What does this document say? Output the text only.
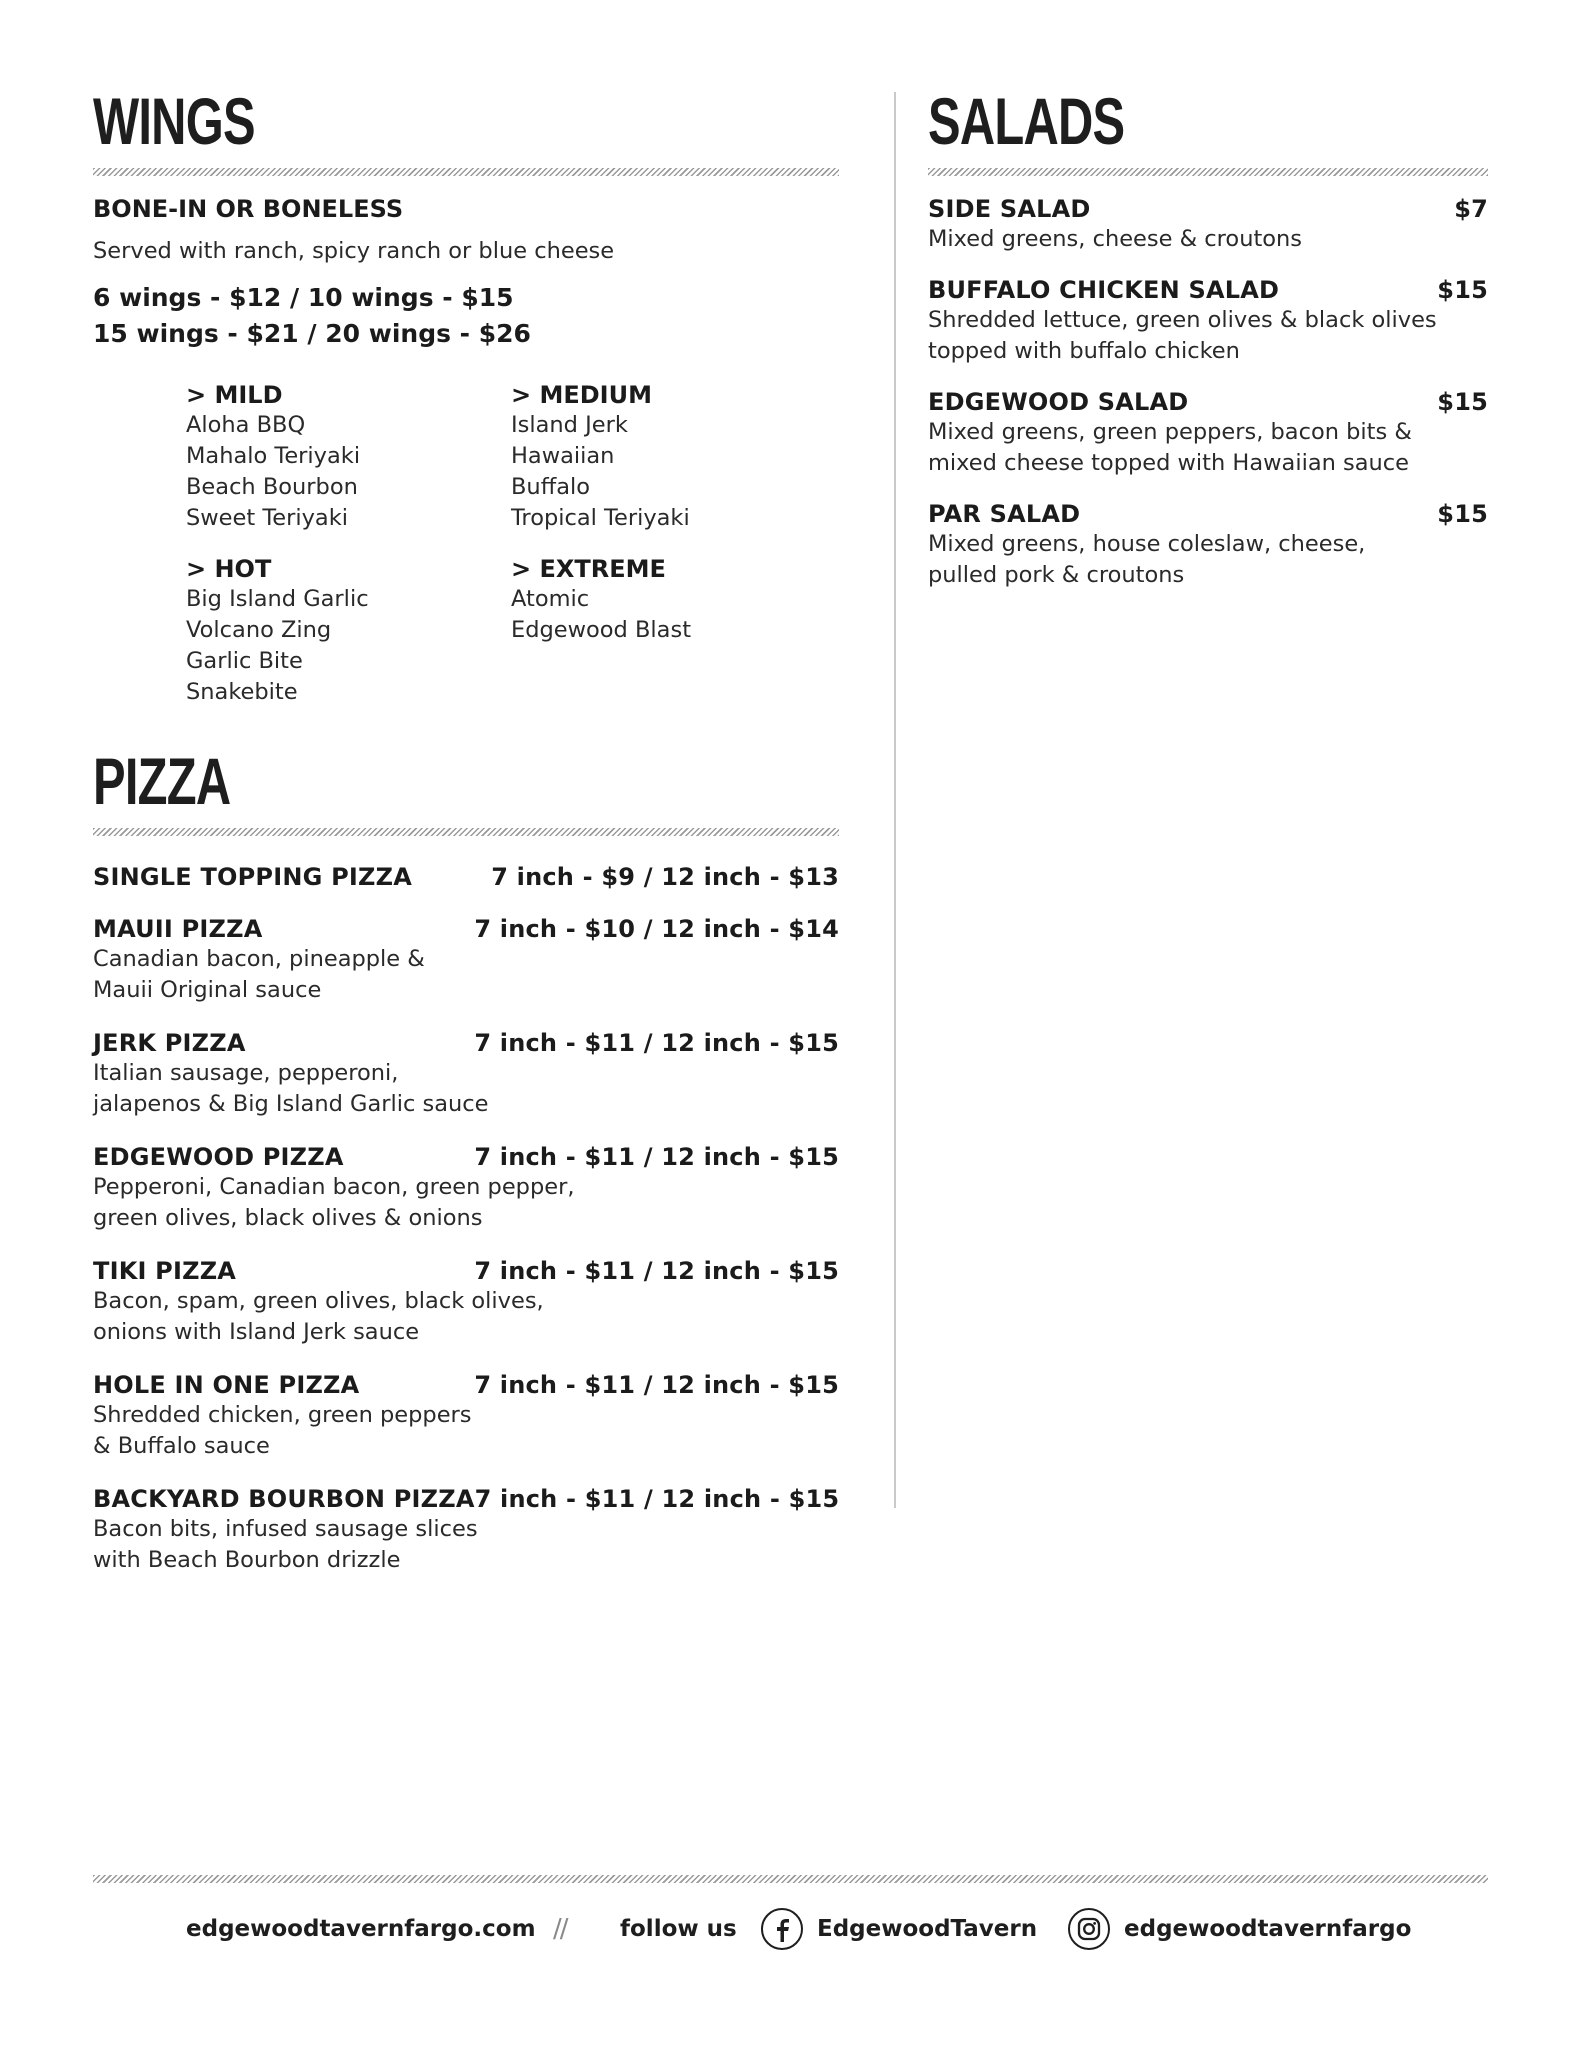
WINGS
BONE-IN OR BONELESS
Served with ranch, spicy ranch or blue cheese
6 wings - $12 / 10 wings - $15
15 wings - $21 / 20 wings - $26
> MILD
Aloha BBQ
Mahalo Teriyaki
Beach Bourbon
Sweet Teriyaki
> MEDIUM
Island Jerk
Hawaiian
Buffalo
Tropical Teriyaki
> HOT
Big Island Garlic
Volcano Zing
Garlic Bite
Snakebite
> EXTREME
Atomic
Edgewood Blast
PIZZA
SINGLE TOPPING PIZZA	7 inch - $9 / 12 inch - $13
MAUII PIZZA	7 inch - $10 / 12 inch - $14
Canadian bacon, pineapple &
Mauii Original sauce
JERK PIZZA	7 inch - $11 / 12 inch - $15
Italian sausage, pepperoni,
jalapenos & Big Island Garlic sauce
EDGEWOOD PIZZA	7 inch - $11 / 12 inch - $15
Pepperoni, Canadian bacon, green pepper,
green olives, black olives & onions
TIKI PIZZA	7 inch - $11 / 12 inch - $15
Bacon, spam, green olives, black olives,
onions with Island Jerk sauce
HOLE IN ONE PIZZA	7 inch - $11 / 12 inch - $15
Shredded chicken, green peppers
& Buffalo sauce
BACKYARD BOURBON PIZZA 7 inch - $11 / 12 inch - $15
Bacon bits, infused sausage slices
with Beach Bourbon drizzle
SALADS
SIDE SALAD	$7
Mixed greens, cheese & croutons
BUFFALO CHICKEN SALAD	$15
Shredded lettuce, green olives & black olives
topped with buffalo chicken
EDGEWOOD SALAD	$15
Mixed greens, green peppers, bacon bits &
mixed cheese topped with Hawaiian sauce
PAR SALAD	$15
Mixed greens, house coleslaw, cheese,
pulled pork & croutons
edgewoodtavernfargo.com // follow us	EdgewoodTavern	edgewoodtavernfargo
